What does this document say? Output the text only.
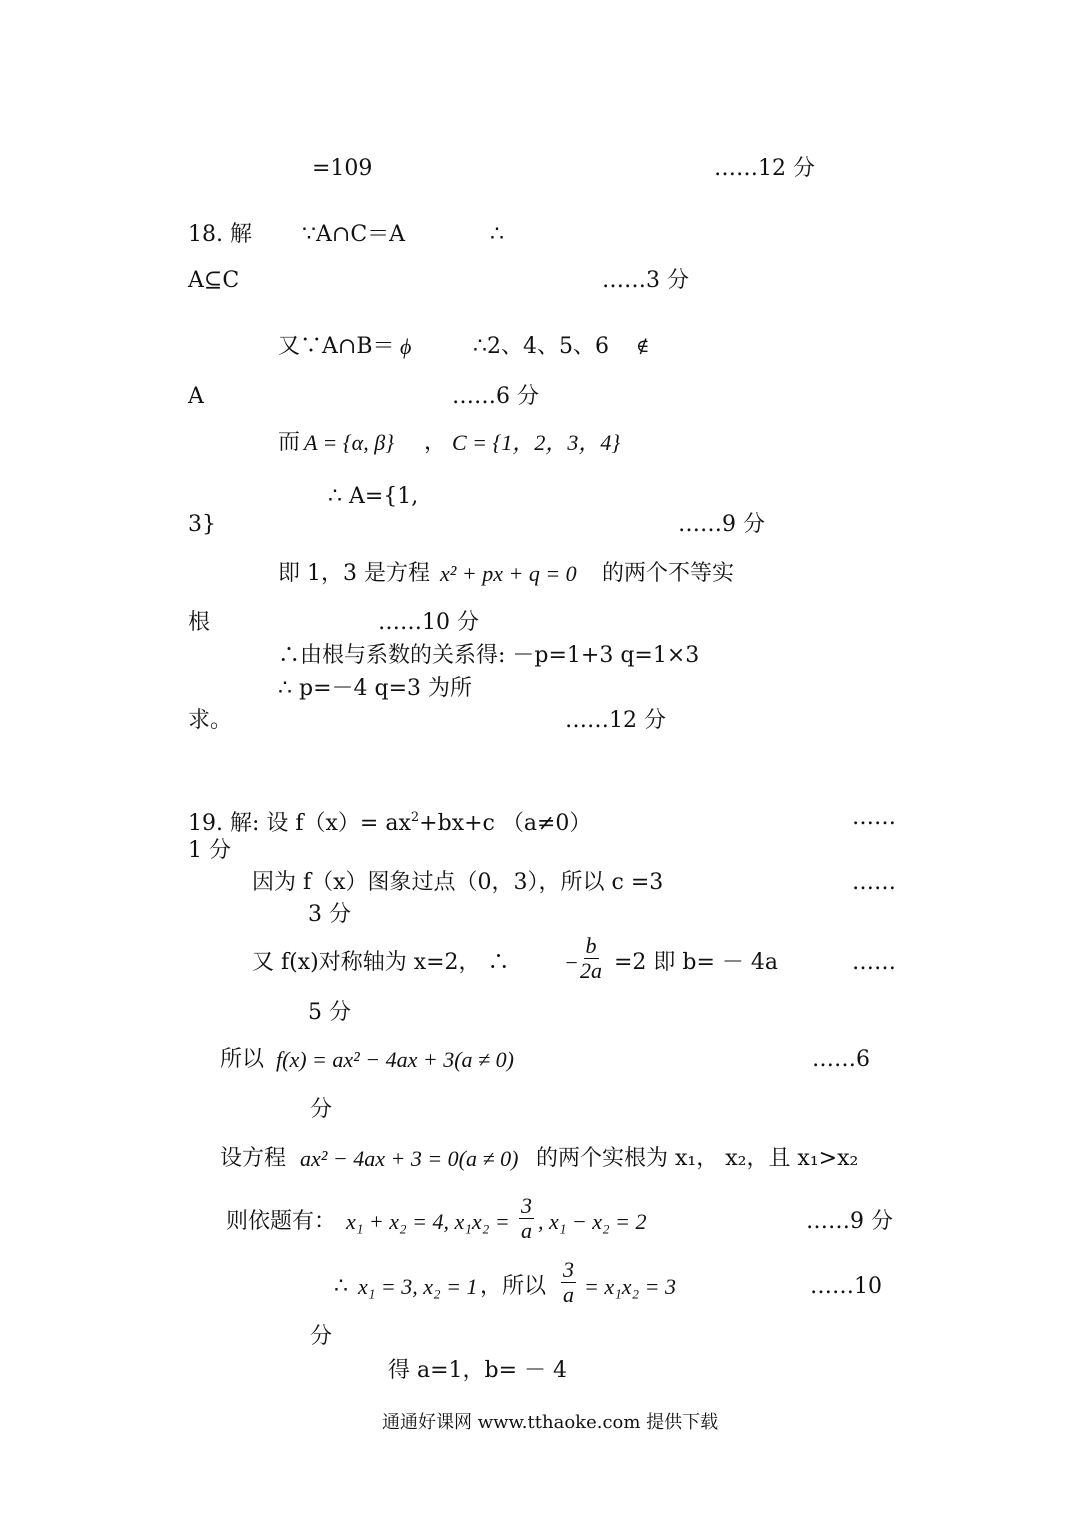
=109	……12 分
18. 解 ∵A∩C＝A	∴
A⊆C	……3 分
又∵A∩B＝ ϕ	∴2、4、5、6 ∉
A	……6 分
而 A = {α, β} ， C = {1，2，3，4}
∴ A={1,
3}	……9 分
即 1，3 是方程 x² + px + q = 0 的两个不等实
根	……10 分
∴由根与系数的关系得: －p=1+3 q=1×3
∴ p=－4 q=3 为所
求。	……12 分
19. 解: 设 $f(x)= ax^2+bx+c$ （a≠0）	……
1 分
因为 f（x）图象过点（0，3），所以 c =3	……
3 分
又 f(x)对称轴为 x=2， ∴ − $\frac{b}{2a} =2$ 即 b= － 4a	……
5 分
所以 f(x) = ax² − 4ax + 3(a ≠ 0)	……6
分
设方程 ax² − 4ax + 3 = 0(a ≠ 0) 的两个实根为 x₁， x₂，且 x₁>x₂
则依题有： x₁ + x₂ = 4, $x_1x_2 = \frac{3}{a}$ , x₁ − x₂ = 2	……9 分
∴ x₁ = 3, x₂ = 1 ，所以 $\frac{3}{a} = x_1x_2 = 3$	……10
分
得 a=1，b= － 4
通通好课网 www.tthaoke.com 提供下载
